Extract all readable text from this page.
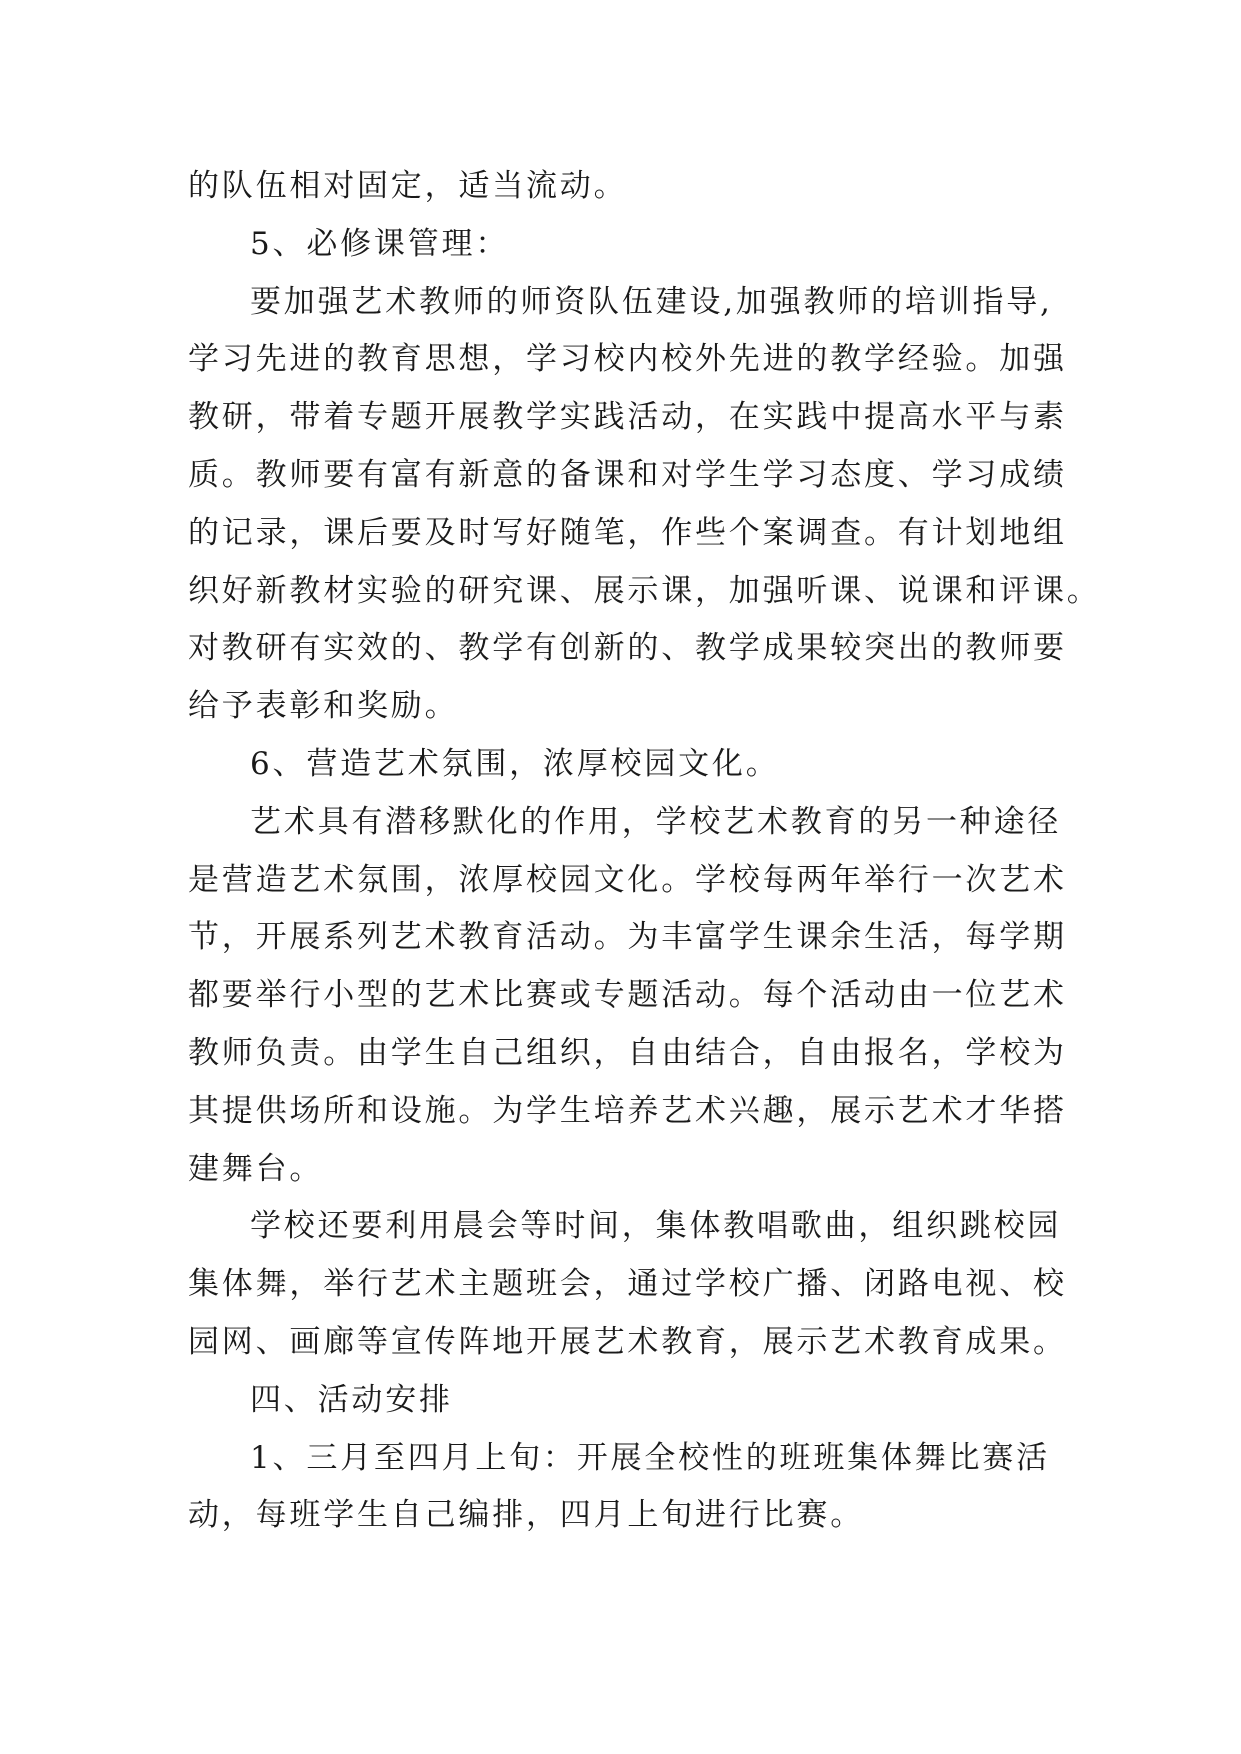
的队伍相对固定，适当流动。
5、必修课管理：
要加强艺术教师的师资队伍建设,加强教师的培训指导,
学习先进的教育思想，学习校内校外先进的教学经验。加强
教研，带着专题开展教学实践活动，在实践中提高水平与素
质。教师要有富有新意的备课和对学生学习态度、学习成绩
的记录，课后要及时写好随笔，作些个案调查。有计划地组
织好新教材实验的研究课、展示课，加强听课、说课和评课。
对教研有实效的、教学有创新的、教学成果较突出的教师要
给予表彰和奖励。
6、营造艺术氛围，浓厚校园文化。
艺术具有潜移默化的作用，学校艺术教育的另一种途径
是营造艺术氛围，浓厚校园文化。学校每两年举行一次艺术
节，开展系列艺术教育活动。为丰富学生课余生活，每学期
都要举行小型的艺术比赛或专题活动。每个活动由一位艺术
教师负责。由学生自己组织，自由结合，自由报名，学校为
其提供场所和设施。为学生培养艺术兴趣，展示艺术才华搭
建舞台。
学校还要利用晨会等时间，集体教唱歌曲，组织跳校园
集体舞，举行艺术主题班会，通过学校广播、闭路电视、校
园网、画廊等宣传阵地开展艺术教育，展示艺术教育成果。
四、活动安排
1、三月至四月上旬：开展全校性的班班集体舞比赛活
动，每班学生自己编排，四月上旬进行比赛。
